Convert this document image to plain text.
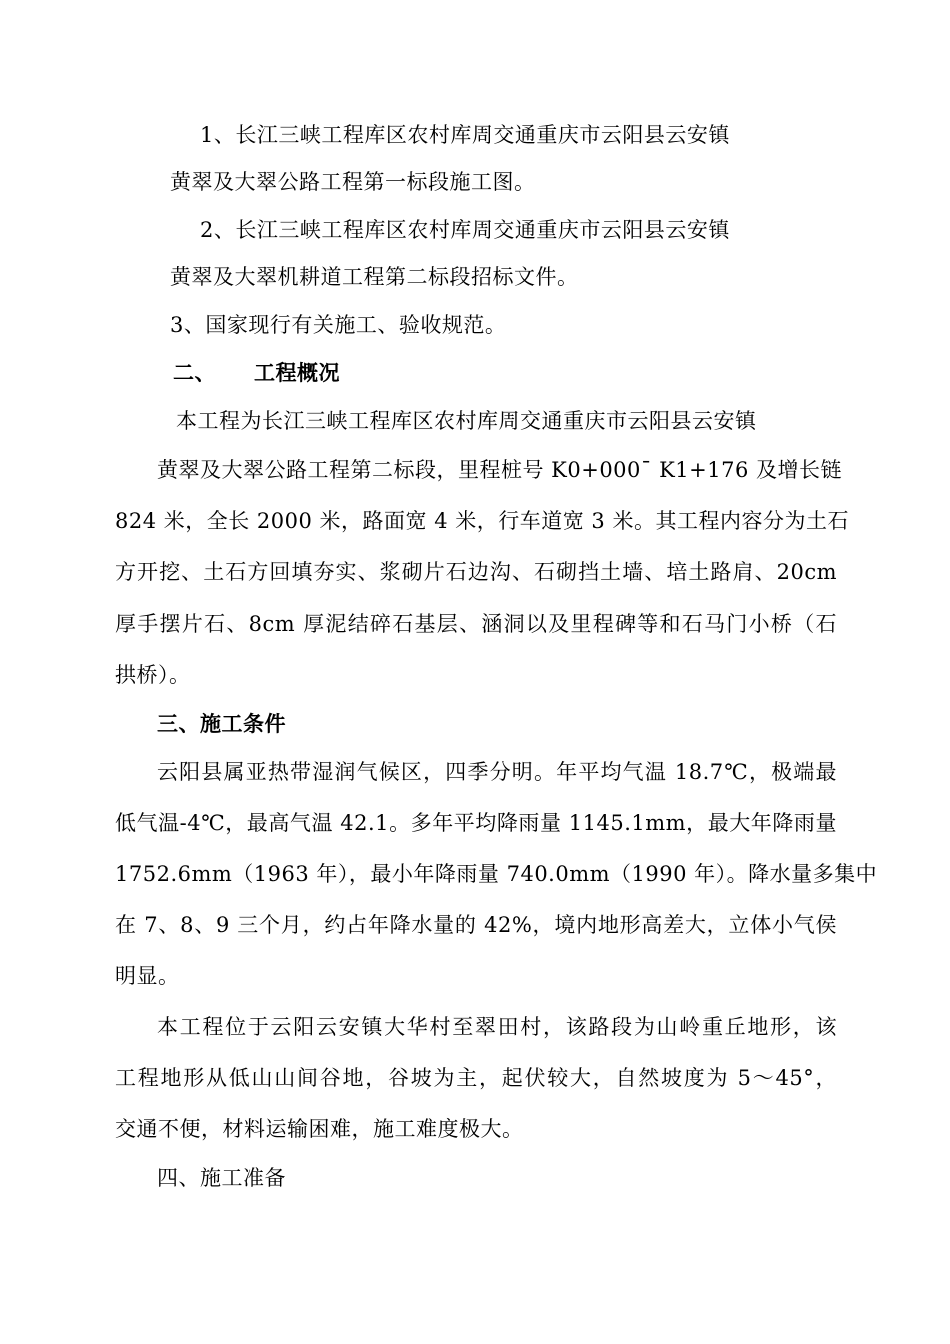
1、长江三峡工程库区农村库周交通重庆市云阳县云安镇
黄翠及大翠公路工程第一标段施工图。
2、长江三峡工程库区农村库周交通重庆市云阳县云安镇
黄翠及大翠机耕道工程第二标段招标文件。
3、国家现行有关施工、验收规范。
二、 工程概况
本工程为长江三峡工程库区农村库周交通重庆市云阳县云安镇
黄翠及大翠公路工程第二标段，里程桩号 K0+000¯ K1+176 及增长链
824 米，全长 2000 米，路面宽 4 米，行车道宽 3 米。其工程内容分为土石
方开挖、土石方回填夯实、浆砌片石边沟、石砌挡土墙、培土路肩、20cm
厚手摆片石、8cm 厚泥结碎石基层、涵洞以及里程碑等和石马门小桥（石
拱桥）。
三、施工条件
云阳县属亚热带湿润气候区，四季分明。年平均气温 18.7℃，极端最
低气温-4℃，最高气温 42.1。多年平均降雨量 1145.1mm，最大年降雨量
1752.6mm（1963 年），最小年降雨量 740.0mm（1990 年）。降水量多集中
在 7、8、9 三个月，约占年降水量的 42%，境内地形高差大，立体小气侯
明显。
本工程位于云阳云安镇大华村至翠田村，该路段为山岭重丘地形，该
工程地形从低山山间谷地，谷坡为主，起伏较大，自然坡度为 5～45°，
交通不便，材料运输困难，施工难度极大。
四、施工准备
